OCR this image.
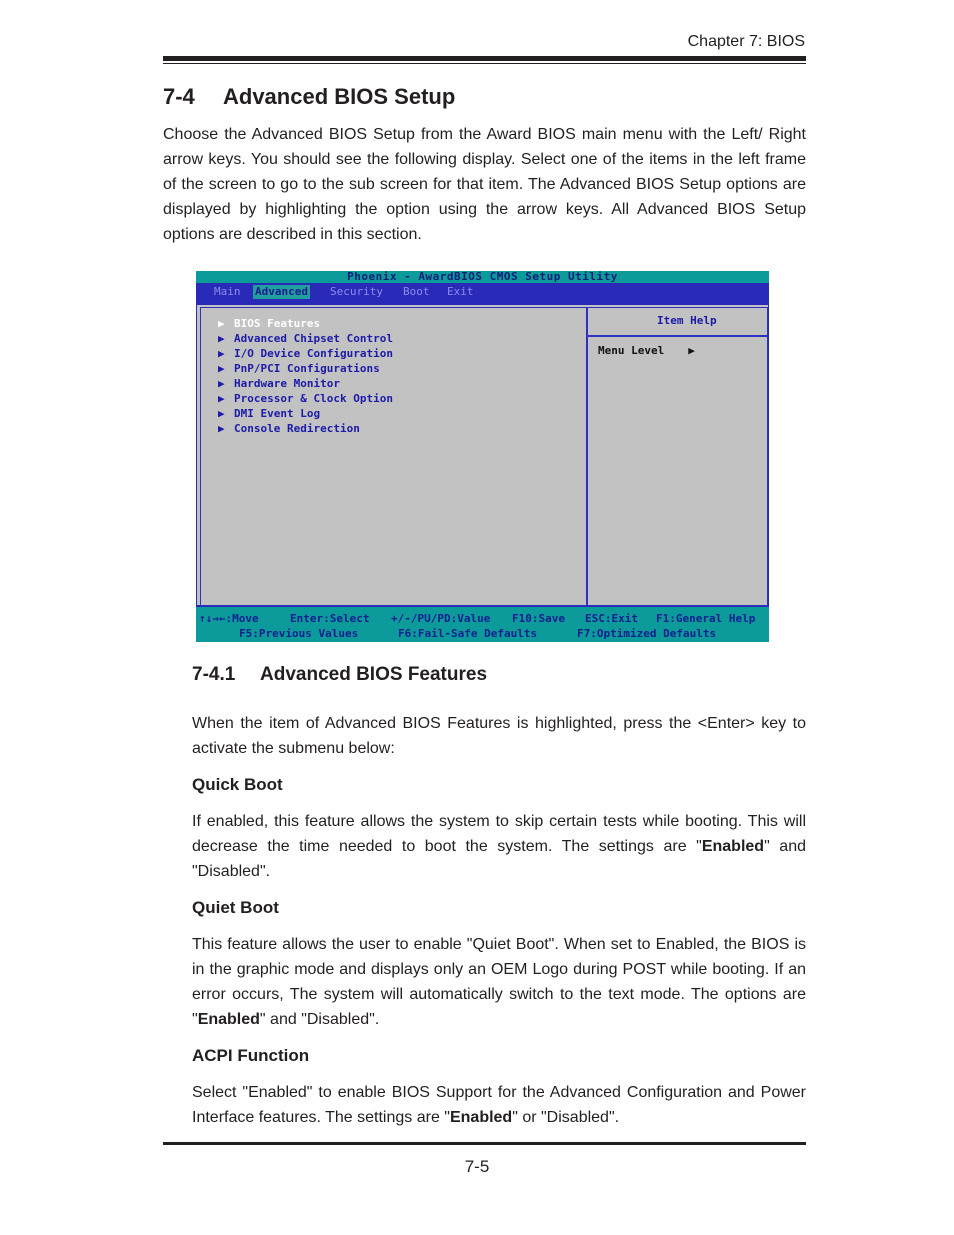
Chapter 7: BIOS
7-4 Advanced BIOS Setup

Choose the Advanced BIOS Setup from the Award BIOS main menu with the Left/ Right arrow keys. You should see the following display. Select one of the items in the left frame of the screen to go to the sub screen for that item. The Advanced BIOS Setup options are displayed by highlighting the option using the arrow keys. All Advanced BIOS Setup options are described in this section.

Phoenix - AwardBIOS CMOS Setup Utility
Main Advanced Security Boot Exit
▶ BIOS Features
▶ Advanced Chipset Control
▶ I/O Device Configuration
▶ PnP/PCI Configurations
▶ Hardware Monitor
▶ Processor & Clock Option
▶ DMI Event Log
▶ Console Redirection
Item Help
Menu Level ▶
↑↓→←:Move	Enter:Select +/-/PU/PD:Value F10:Save ESC:Exit F1:General Help
F5:Previous Values	F6:Fail-Safe Defaults	F7:Optimized Defaults
7-4.1 Advanced BIOS Features

When the item of Advanced BIOS Features is highlighted, press the <Enter> key to activate the submenu below:

Quick Boot

If enabled, this feature allows the system to skip certain tests while booting. This will decrease the time needed to boot the system. The settings are "Enabled" and "Disabled".

Quiet Boot

This feature allows the user to enable "Quiet Boot". When set to Enabled, the BIOS is in the graphic mode and displays only an OEM Logo during POST while booting. If an error occurs, The system will automatically switch to the text mode. The options are "Enabled" and "Disabled".

ACPI Function

Select "Enabled" to enable BIOS Support for the Advanced Configuration and Power Interface features. The settings are "Enabled" or "Disabled".

7-5
